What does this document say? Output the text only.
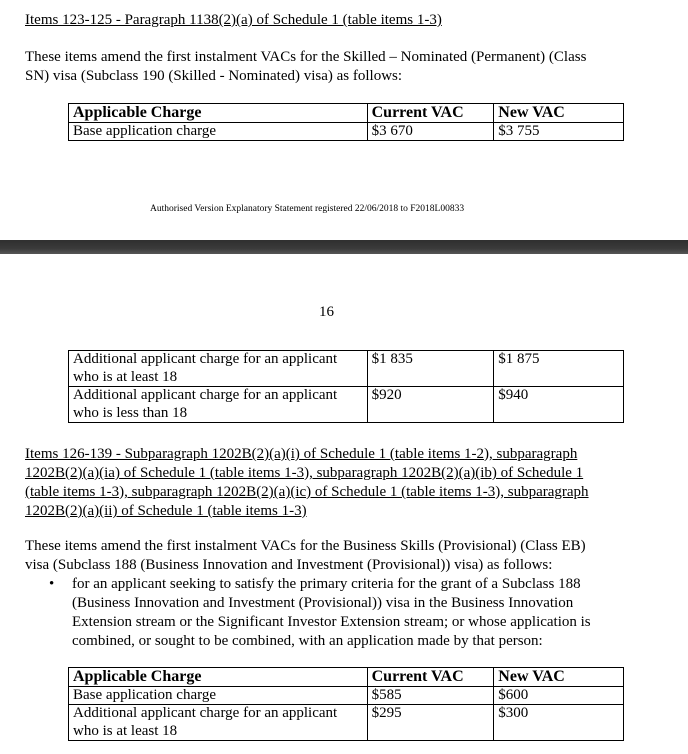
Items 123-125 - Paragraph 1138(2)(a) of Schedule 1 (table items 1-3)
These items amend the first instalment VACs for the Skilled – Nominated (Permanent) (Class
SN) visa (Subclass 190 (Skilled - Nominated) visa) as follows:
Applicable Charge	Current VAC	New VAC
Base application charge	$3 670	$3 755
Authorised Version Explanatory Statement registered 22/06/2018 to F2018L00833
16
Additional applicant charge for an applicant
who is at least 18	$1 835	$1 875

Additional applicant charge for an applicant
who is less than 18	$920	$940
Items 126-139 - Subparagraph 1202B(2)(a)(i) of Schedule 1 (table items 1-2), subparagraph
1202B(2)(a)(ia) of Schedule 1 (table items 1-3), subparagraph 1202B(2)(a)(ib) of Schedule 1
(table items 1-3), subparagraph 1202B(2)(a)(ic) of Schedule 1 (table items 1-3), subparagraph
1202B(2)(a)(ii) of Schedule 1 (table items 1-3)
These items amend the first instalment VACs for the Business Skills (Provisional) (Class EB)
visa (Subclass 188 (Business Innovation and Investment (Provisional)) visa) as follows:
• for an applicant seeking to satisfy the primary criteria for the grant of a Subclass 188
(Business Innovation and Investment (Provisional)) visa in the Business Innovation
Extension stream or the Significant Investor Extension stream; or whose application is
combined, or sought to be combined, with an application made by that person:
Applicable Charge	Current VAC	New VAC
Base application charge	$585	$600

Additional applicant charge for an applicant
who is at least 18	$295	$300
